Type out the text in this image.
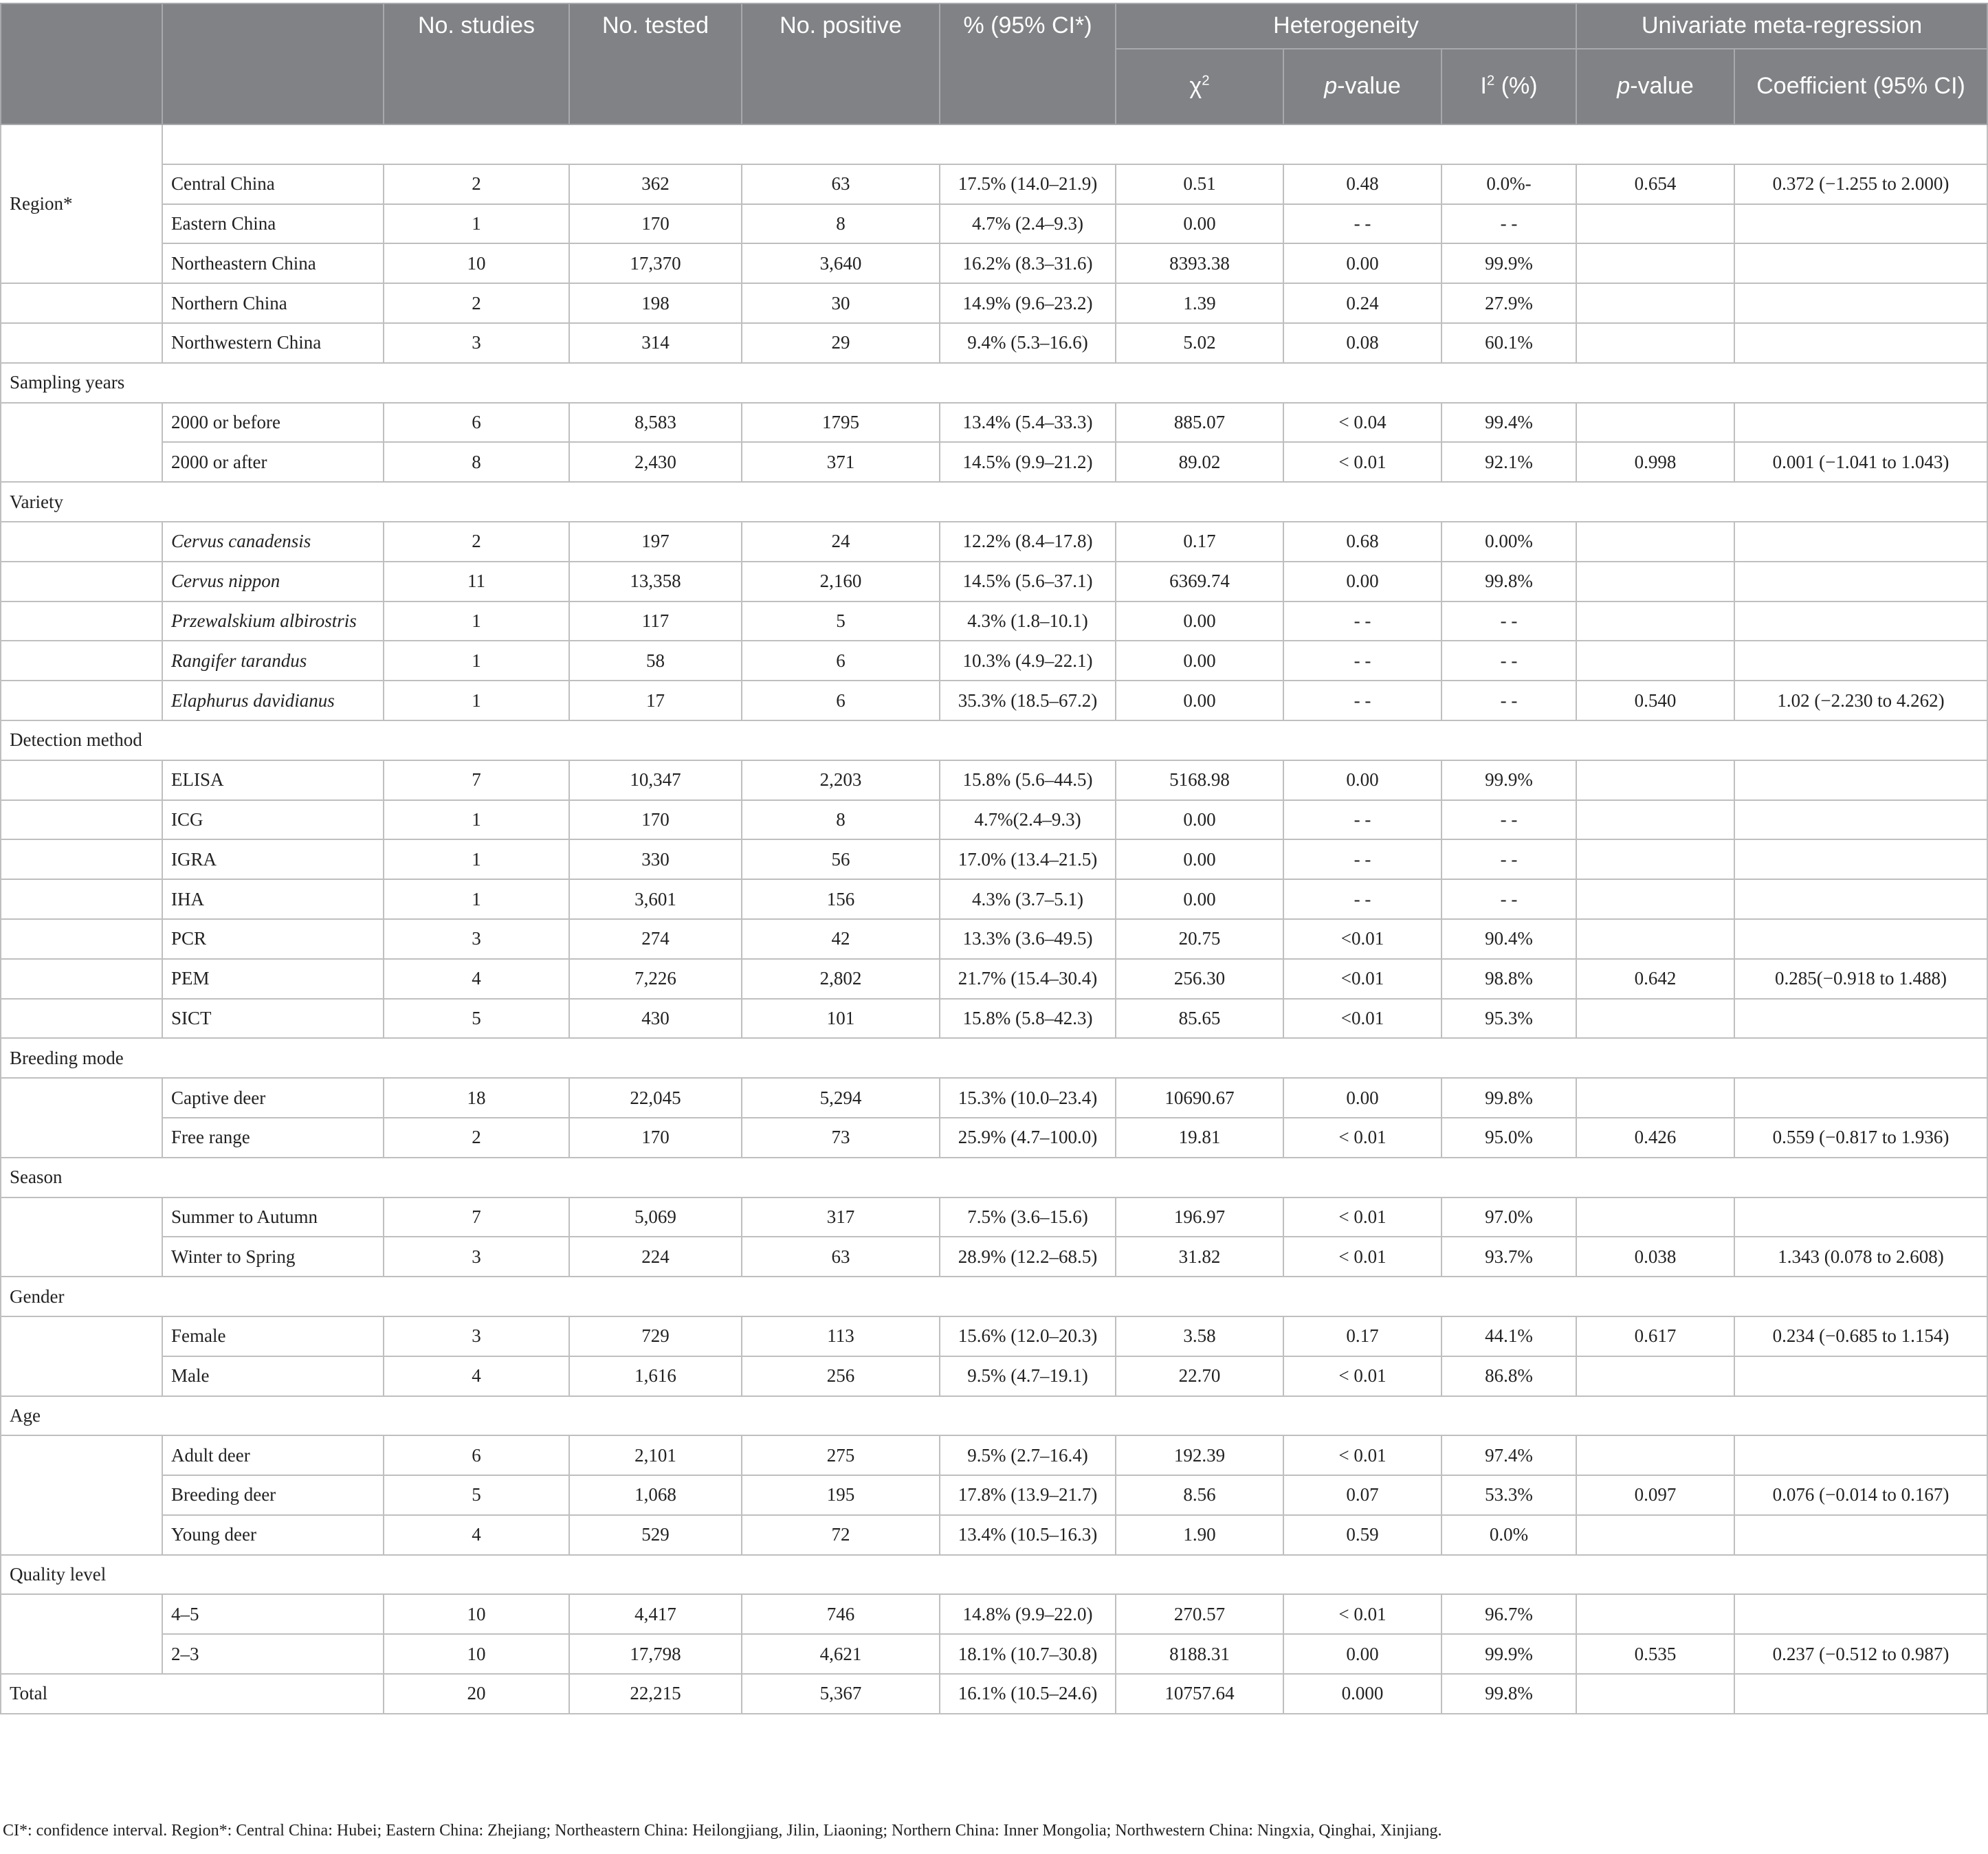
		No. studies	No. tested	No. positive	% (95% CI*)	Heterogeneity			Univariate meta-regression	
						$\chi^2$	p-value	$I^2$ (%)	p-value	Coefficient (95% CI)
Region*										
	Central China	2	362	63	17.5% (14.0–21.9)	0.51	0.48	0.0%-	0.654	0.372 (−1.255 to 2.000)
	Eastern China	1	170	8	4.7% (2.4–9.3)	0.00	- -	- -		
	Northeastern China	10	17,370	3,640	16.2% (8.3–31.6)	8393.38	0.00	99.9%		
	Northern China	2	198	30	14.9% (9.6–23.2)	1.39	0.24	27.9%		
	Northwestern China	3	314	29	9.4% (5.3–16.6)	5.02	0.08	60.1%		
Sampling years										
	2000 or before	6	8,583	1795	13.4% (5.4–33.3)	885.07	< 0.04	99.4%		
	2000 or after	8	2,430	371	14.5% (9.9–21.2)	89.02	< 0.01	92.1%	0.998	0.001 (−1.041 to 1.043)
Variety										
	Cervus canadensis	2	197	24	12.2% (8.4–17.8)	0.17	0.68	0.00%		
	Cervus nippon	11	13,358	2,160	14.5% (5.6–37.1)	6369.74	0.00	99.8%		
	Przewalskium albirostris	1	117	5	4.3% (1.8–10.1)	0.00	- -	- -		
	Rangifer tarandus	1	58	6	10.3% (4.9–22.1)	0.00	- -	- -		
	Elaphurus davidianus	1	17	6	35.3% (18.5–67.2)	0.00	- -	- -	0.540	1.02 (−2.230 to 4.262)
Detection method										
	ELISA	7	10,347	2,203	15.8% (5.6–44.5)	5168.98	0.00	99.9%		
	ICG	1	170	8	4.7%(2.4–9.3)	0.00	- -	- -		
	IGRA	1	330	56	17.0% (13.4–21.5)	0.00	- -	- -		
	IHA	1	3,601	156	4.3% (3.7–5.1)	0.00	- -	- -		
	PCR	3	274	42	13.3% (3.6–49.5)	20.75	<0.01	90.4%		
	PEM	4	7,226	2,802	21.7% (15.4–30.4)	256.30	<0.01	98.8%	0.642	0.285(−0.918 to 1.488)
	SICT	5	430	101	15.8% (5.8–42.3)	85.65	<0.01	95.3%		
Breeding mode										
	Captive deer	18	22,045	5,294	15.3% (10.0–23.4)	10690.67	0.00	99.8%		
	Free range	2	170	73	25.9% (4.7–100.0)	19.81	< 0.01	95.0%	0.426	0.559 (−0.817 to 1.936)
Season										
	Summer to Autumn	7	5,069	317	7.5% (3.6–15.6)	196.97	< 0.01	97.0%		
	Winter to Spring	3	224	63	28.9% (12.2–68.5)	31.82	< 0.01	93.7%	0.038	1.343 (0.078 to 2.608)
Gender										
	Female	3	729	113	15.6% (12.0–20.3)	3.58	0.17	44.1%	0.617	0.234 (−0.685 to 1.154)
	Male	4	1,616	256	9.5% (4.7–19.1)	22.70	< 0.01	86.8%		
Age										
	Adult deer	6	2,101	275	9.5% (2.7–16.4)	192.39	< 0.01	97.4%		
	Breeding deer	5	1,068	195	17.8% (13.9–21.7)	8.56	0.07	53.3%	0.097	0.076 (−0.014 to 0.167)
	Young deer	4	529	72	13.4% (10.5–16.3)	1.90	0.59	0.0%		
Quality level										
	4–5	10	4,417	746	14.8% (9.9–22.0)	270.57	< 0.01	96.7%		
	2–3	10	17,798	4,621	18.1% (10.7–30.8)	8188.31	0.00	99.9%	0.535	0.237 (−0.512 to 0.987)
Total		20	22,215	5,367	16.1% (10.5–24.6)	10757.64	0.000	99.8%		
CI*: confidence interval. Region*: Central China: Hubei; Eastern China: Zhejiang; Northeastern China: Heilongjiang, Jilin, Liaoning; Northern China: Inner Mongolia; Northwestern China: Ningxia, Qinghai, Xinjiang.
